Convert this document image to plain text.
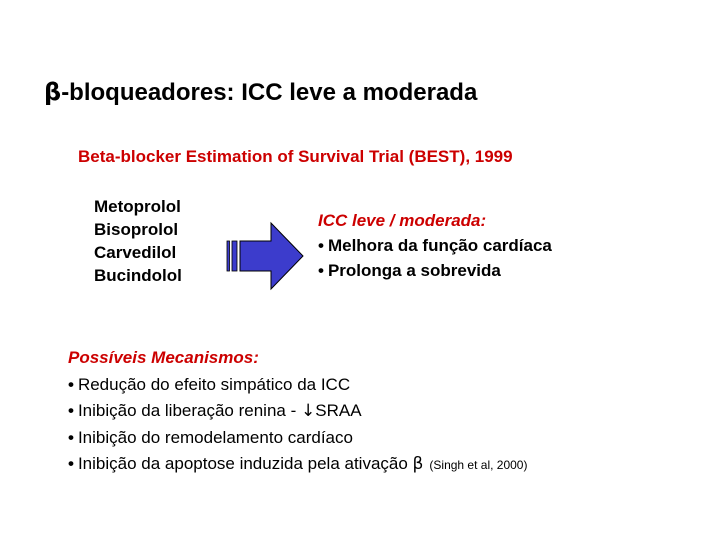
β-bloqueadores: ICC leve a moderada
Beta-blocker Estimation of Survival Trial (BEST), 1999
Metoprolol
Bisoprolol
Carvedilol
Bucindolol
ICC leve / moderada:
• Melhora da função cardíaca
• Prolonga a sobrevida
Possíveis Mecanismos:
• Redução do efeito simpático da ICC
• Inibição da liberação renina - ↓SRAA
• Inibição do remodelamento cardíaco
• Inibição da apoptose induzida pela ativação β (Singh et al, 2000)
